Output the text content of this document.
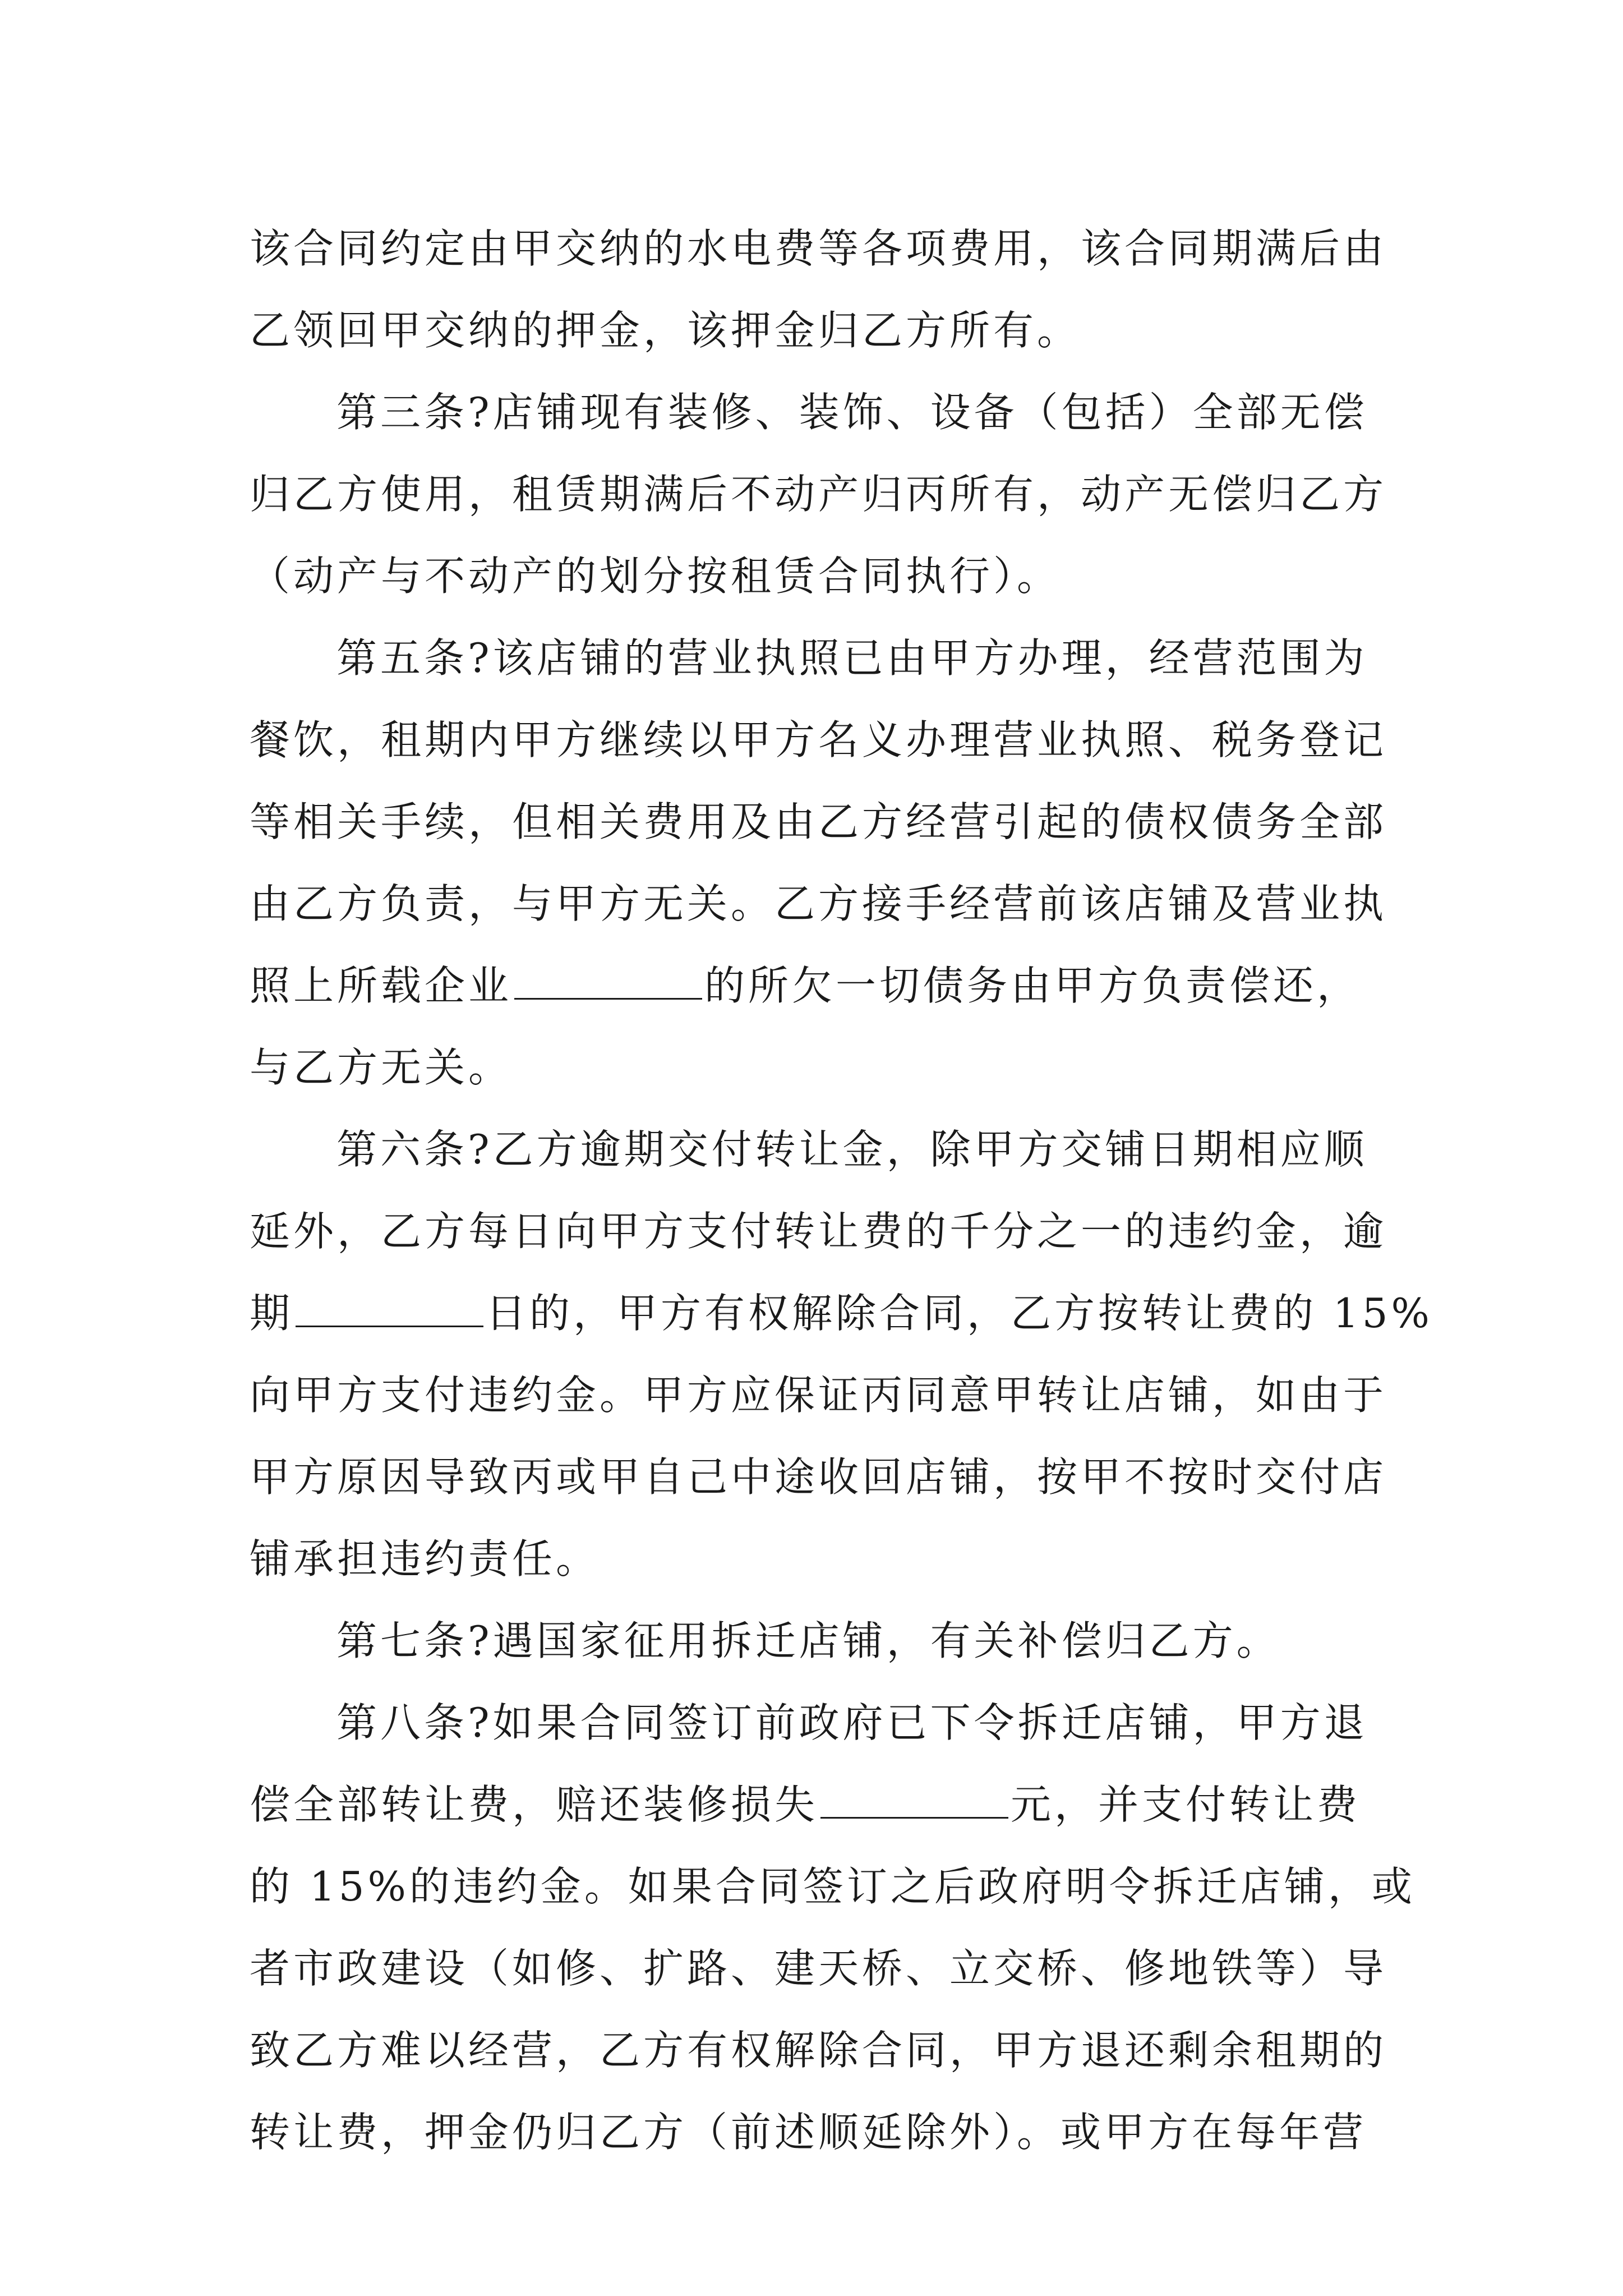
该合同约定由甲交纳的水电费等各项费用，该合同期满后由
乙领回甲交纳的押金，该押金归乙方所有。
第三条?店铺现有装修、装饰、设备（包括）全部无偿
归乙方使用，租赁期满后不动产归丙所有，动产无偿归乙方
（动产与不动产的划分按租赁合同执行）。
第五条?该店铺的营业执照已由甲方办理，经营范围为
餐饮，租期内甲方继续以甲方名义办理营业执照、税务登记
等相关手续，但相关费用及由乙方经营引起的债权债务全部
由乙方负责，与甲方无关。乙方接手经营前该店铺及营业执
照上所载企业	的所欠一切债务由甲方负责偿还，
与乙方无关。
第六条?乙方逾期交付转让金，除甲方交铺日期相应顺
延外，乙方每日向甲方支付转让费的千分之一的违约金，逾
期	日的，甲方有权解除合同，乙方按转让费的 15%
向甲方支付违约金。甲方应保证丙同意甲转让店铺，如由于
甲方原因导致丙或甲自己中途收回店铺，按甲不按时交付店
铺承担违约责任。
第七条?遇国家征用拆迁店铺，有关补偿归乙方。
第八条?如果合同签订前政府已下令拆迁店铺，甲方退
偿全部转让费，赔还装修损失	元，并支付转让费
的 15%的违约金。如果合同签订之后政府明令拆迁店铺，或
者市政建设（如修、扩路、建天桥、立交桥、修地铁等）导
致乙方难以经营，乙方有权解除合同，甲方退还剩余租期的
转让费，押金仍归乙方（前述顺延除外）。或甲方在每年营
